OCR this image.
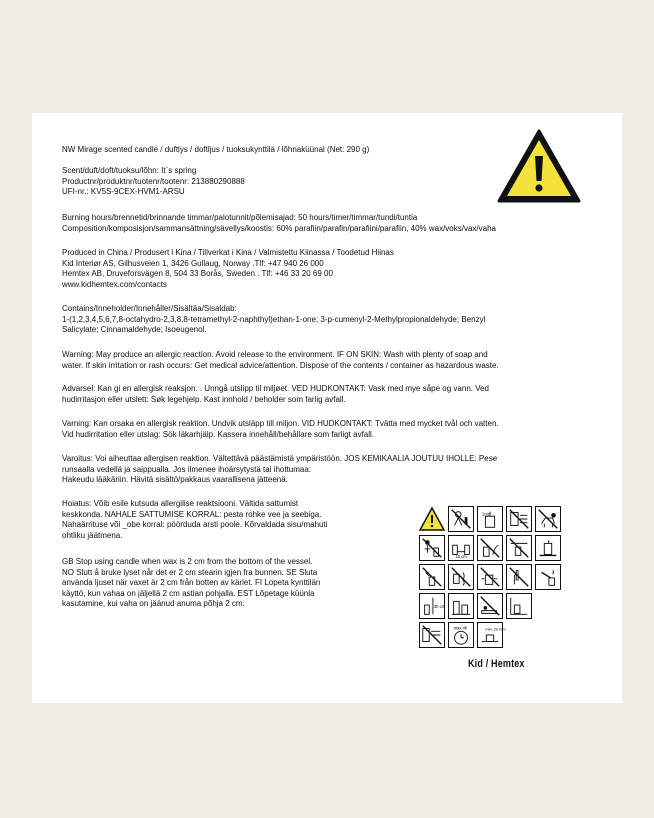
NW Mirage scented candle / duftlys / doftljus / tuoksukynttilä / lõhnaküünal (Net: 290 g)
Scent/duft/doft/tuoksu/lõhn: It`s spring
Productnr/produktnr/tuotenr/tootenr: 213880290888
UFI-nr.: KV5S-9CEX-HVM1-ARSU
Burning hours/brennetid/brinnande timmar/palotunnit/põlemisajad: 50 hours/timer/timmar/tundi/tuntia
Composition/komposisjon/sammansättning/sävellys/koostis: 60% parafiin/parafin/parafiini/parafiin, 40% wax/voks/vax/vaha
Produced in China / Produsert i Kina / Tillverkat i Kina / Valmistettu Kiinassa / Toodetud Hiinas
Kid Interiør AS, Gilhusveien 1, 3426 Gullaug, Norway .Tlf: +47 940 26 000
Hemtex AB, Druveforsvägen 8, 504 33 Borås, Sweden . Tlf: +46 33 20 69 00
www.kidhemtex.com/contacts
Contains/Inneholder/Innehåller/Sisältäa/Sisaldab:
1-(1,2,3,4,5,6,7,8-octahydro-2,3,8,8-tetramethyl-2-naphthyl)ethan-1-one; 3-p-cumenyl-2-Methylpropionaldehyde; Benzyl
Salicylate; Cinnamaldehyde; Isoeugenol.
Warning: May produce an allergic reaction. Avoid release to the environment. IF ON SKIN: Wash with plenty of soap and
water. If skin irritation or rash occurs: Get medical advice/attention. Dispose of the contents / container as hazardous waste.
Advarsel: Kan gi en allergisk reaksjon. . Unngå utslipp til miljøet. VED HUDKONTAKT: Vask med mye såpe og vann. Ved
hudirritasjon eller utslett: Søk legehjelp. Kast innhold / beholder som farlig avfall.
Varning: Kan orsaka en allergisk reaktion. Undvik utsläpp till miljon. VID HUDKONTAKT: Tvätta med mycket tvål och vatten.
Vid hudirritation eller utslag: Sök läkarhjälp. Kassera innehåll/behållare som farligt avfall.
Varoitus: Voi aiheuttaa allergisen reaktion. Vältettävä päästämistä ympäristöön. JOS KEMIKAALIA JOUTUU IHOLLE: Pese
runsaalla vedellä ja saippualla. Jos ilmenee ihoärsytystä tai ihottumaa:
Hakeudu lääkäriin. Hävitä sisältö/pakkaus vaarallisena jätteenä.
Hoiatus: Võib esile kutsuda allergilise reaktsiooni. Vältida sattumist
keskkonda. NAHALE SATTUMISE KORRAL: pesta rohke vee ja seebiga.
Nahaärrituse või _obe korral: pöörduda arsti poole. Kõrvaldada sisu/mahuti
ohtliku jäätmena.
GB Stop using candle when wax is 2 cm from the bottom of the vessel.
NO Slutt å bruke lyset når det er 2 cm stearin igjen fra bunnen. SE Sluta
använda ljuset när vaxet är 2 cm från botten av kärlet. FI Lopeta kynttilän
käyttö, kun vahaa on jäljellä 2 cm astian pohjalla. EST Lõpetage küünla
kasutamine, kui vaha on jäänud anuma põhja 2 cm.
1cm
10 cm
30 cm
max 4h	min. 20 mm
Kid / Hemtex
